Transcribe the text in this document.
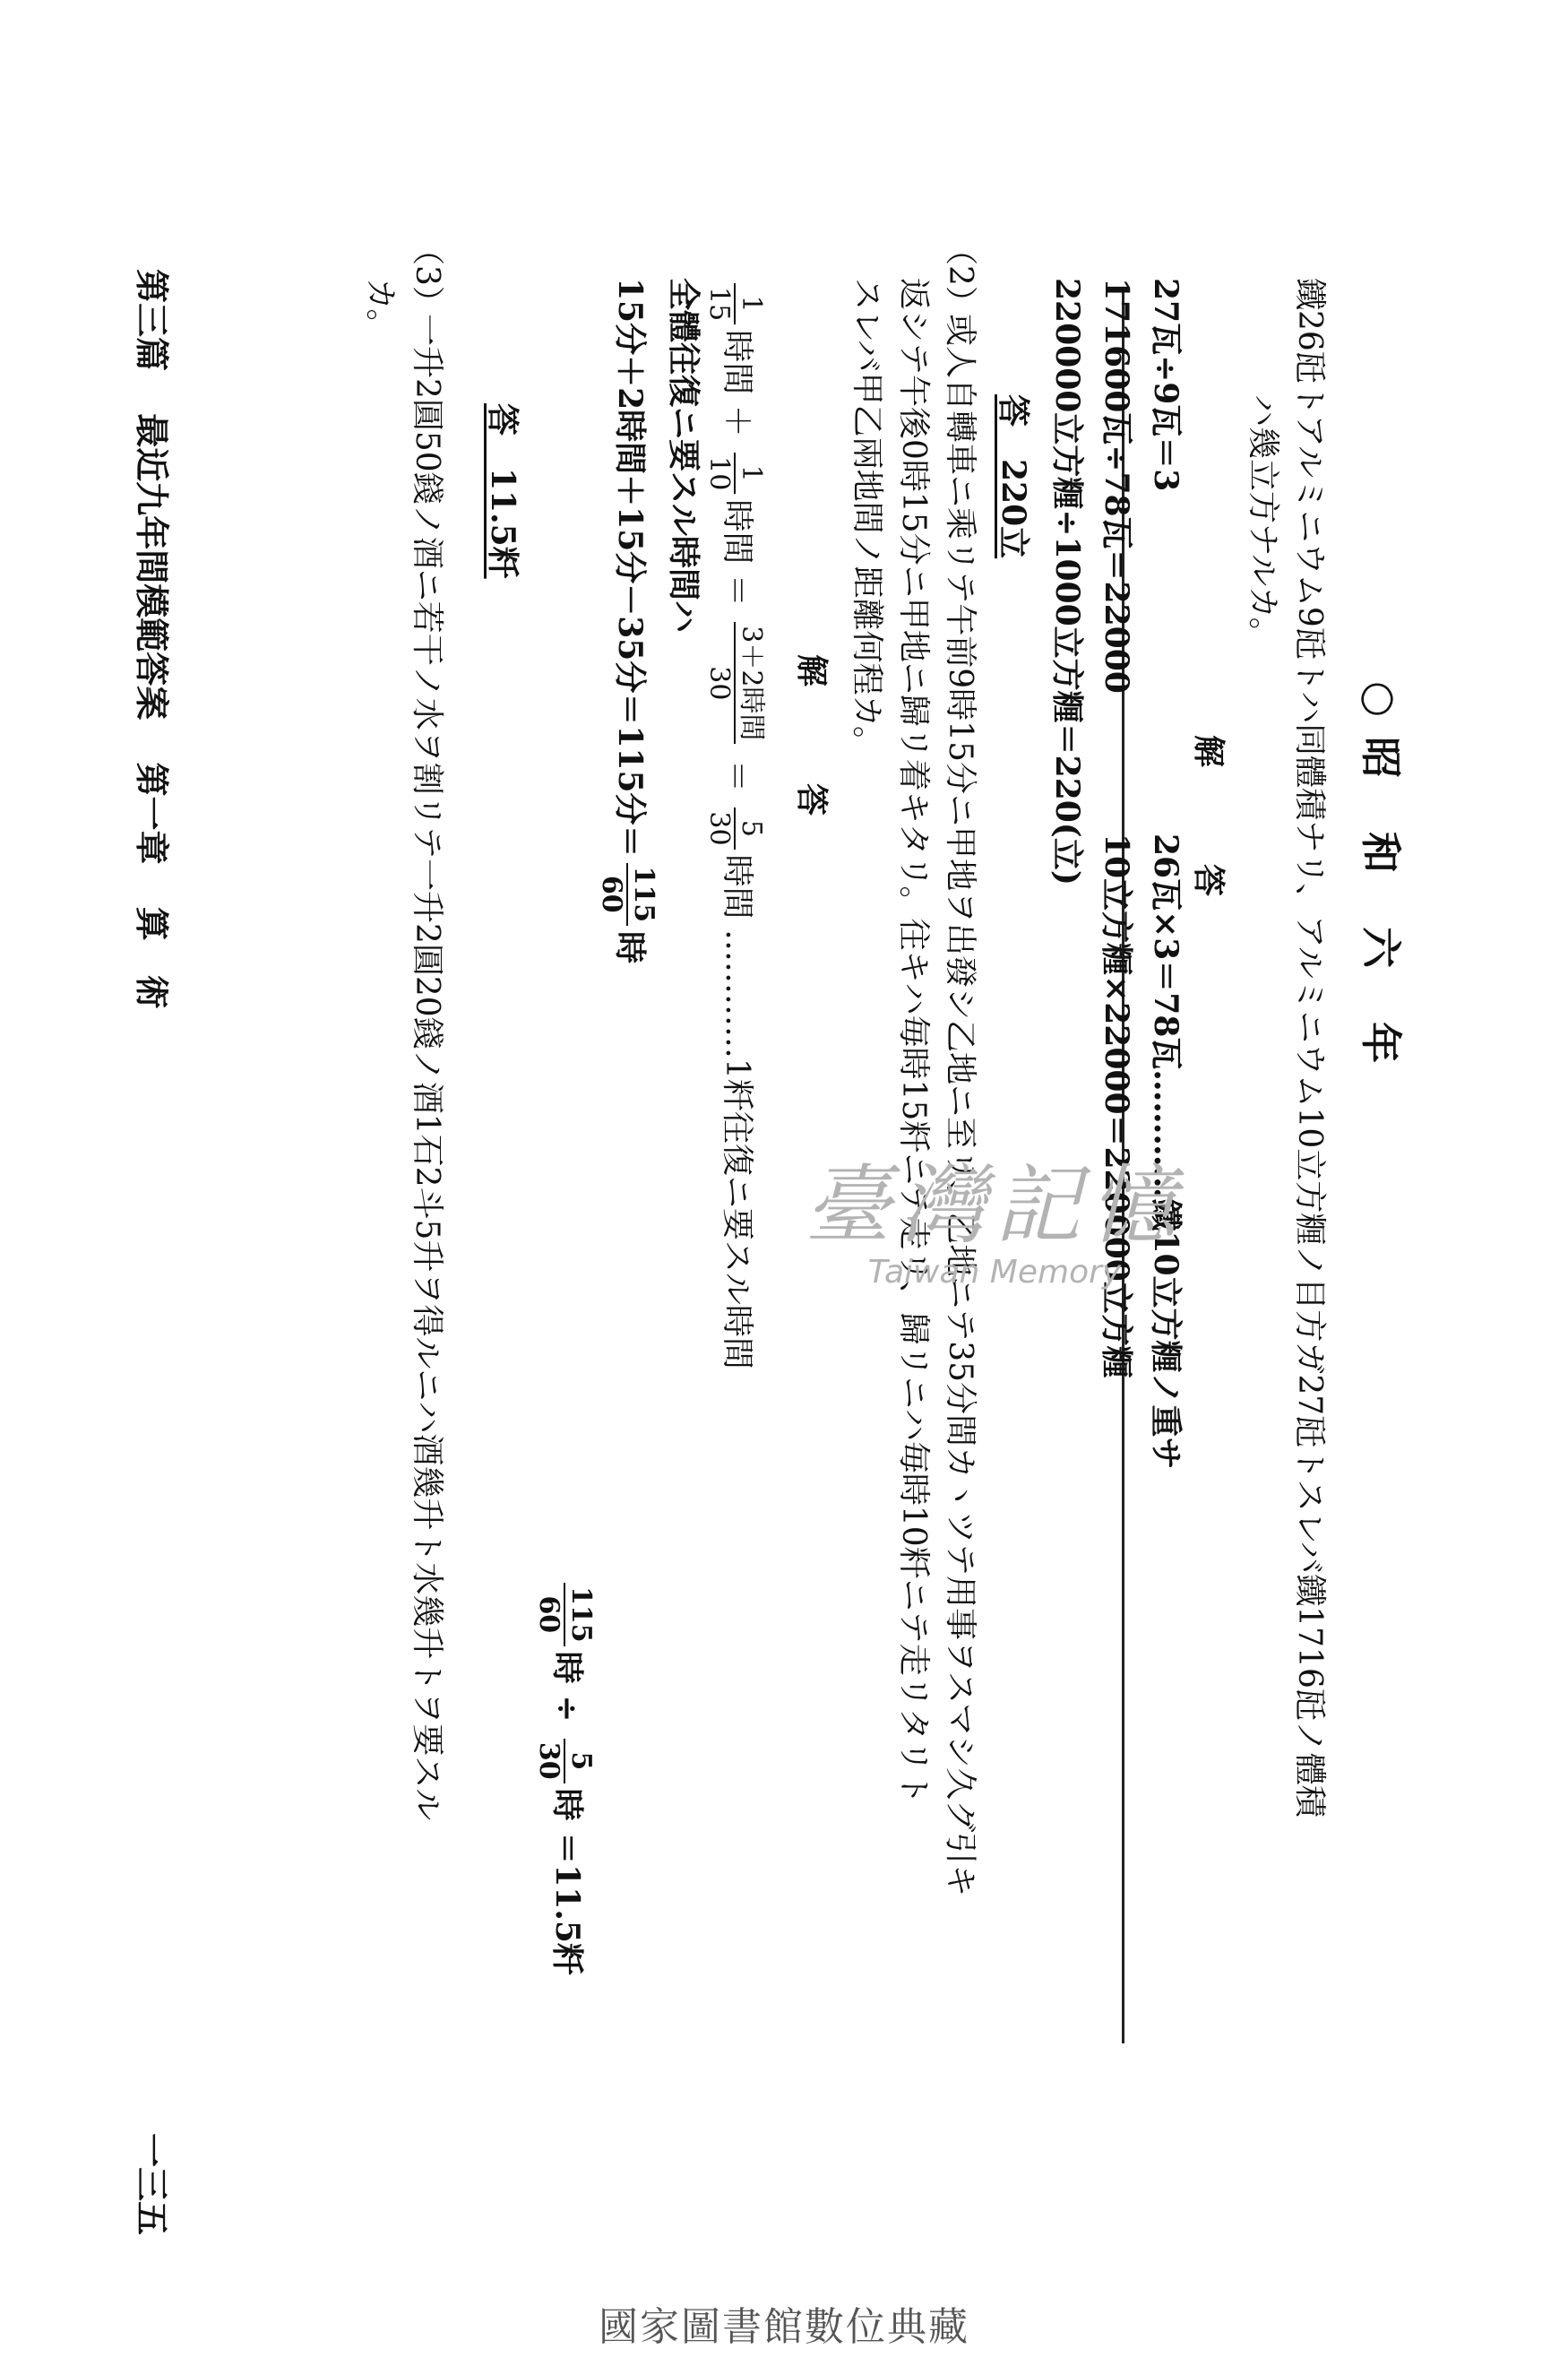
○昭 和 六 年
鐵26瓩トアルミニウム9瓩トハ同體積ナリ、アルミニウム10立方糎ノ目方ガ27瓩トスレバ鐵1716瓩ノ體積
ハ幾立方ナルカ。
解　　　答
27瓦÷9瓦＝3
26瓦×3＝78瓦…………鐵10立方糎ノ重サ
171600瓦÷78瓦＝22000
10立方糎×22000＝220000立方糎
220000立方糎÷1000立方糎＝220(立)
答　220立
（2）
或人自轉車ニ乘リテ午前9時15分ニ甲地ヲ出發シ乙地ニ至リ、乙地ニテ35分間カヽツテ用事ヲスマシ久グ引キ
返シテ午後0時15分ニ甲地ニ歸リ着キタリ。往キハ毎時15粁ニテ走リ、歸リニハ毎時10粁ニテ走リタリト
スレバ甲乙兩地間ノ距離何程カ。
解　　　答
1
15
時間 ＋
1
10
時間 ＝
3＋2時間
30
＝
5
30
時間 …………1粁往復ニ要スル時間
全體往復ニ要スル時間ハ
15分＋2時間＋15分－35分＝115分＝
115
60
時
115
60
時 ÷
5
30
時 ＝11.5粁
答　11.5粁
（3）
一升2圓50錢ノ酒ニ若干ノ水ヲ割リテ一升2圓20錢ノ酒1石2斗5升ヲ得ルニハ酒幾升ト水幾升トヲ要スル
カ。
第三篇 最近九年間模範答案 第一章 算　術
一三五
臺灣記憶
Taiwan Memory
國家圖書館數位典藏
